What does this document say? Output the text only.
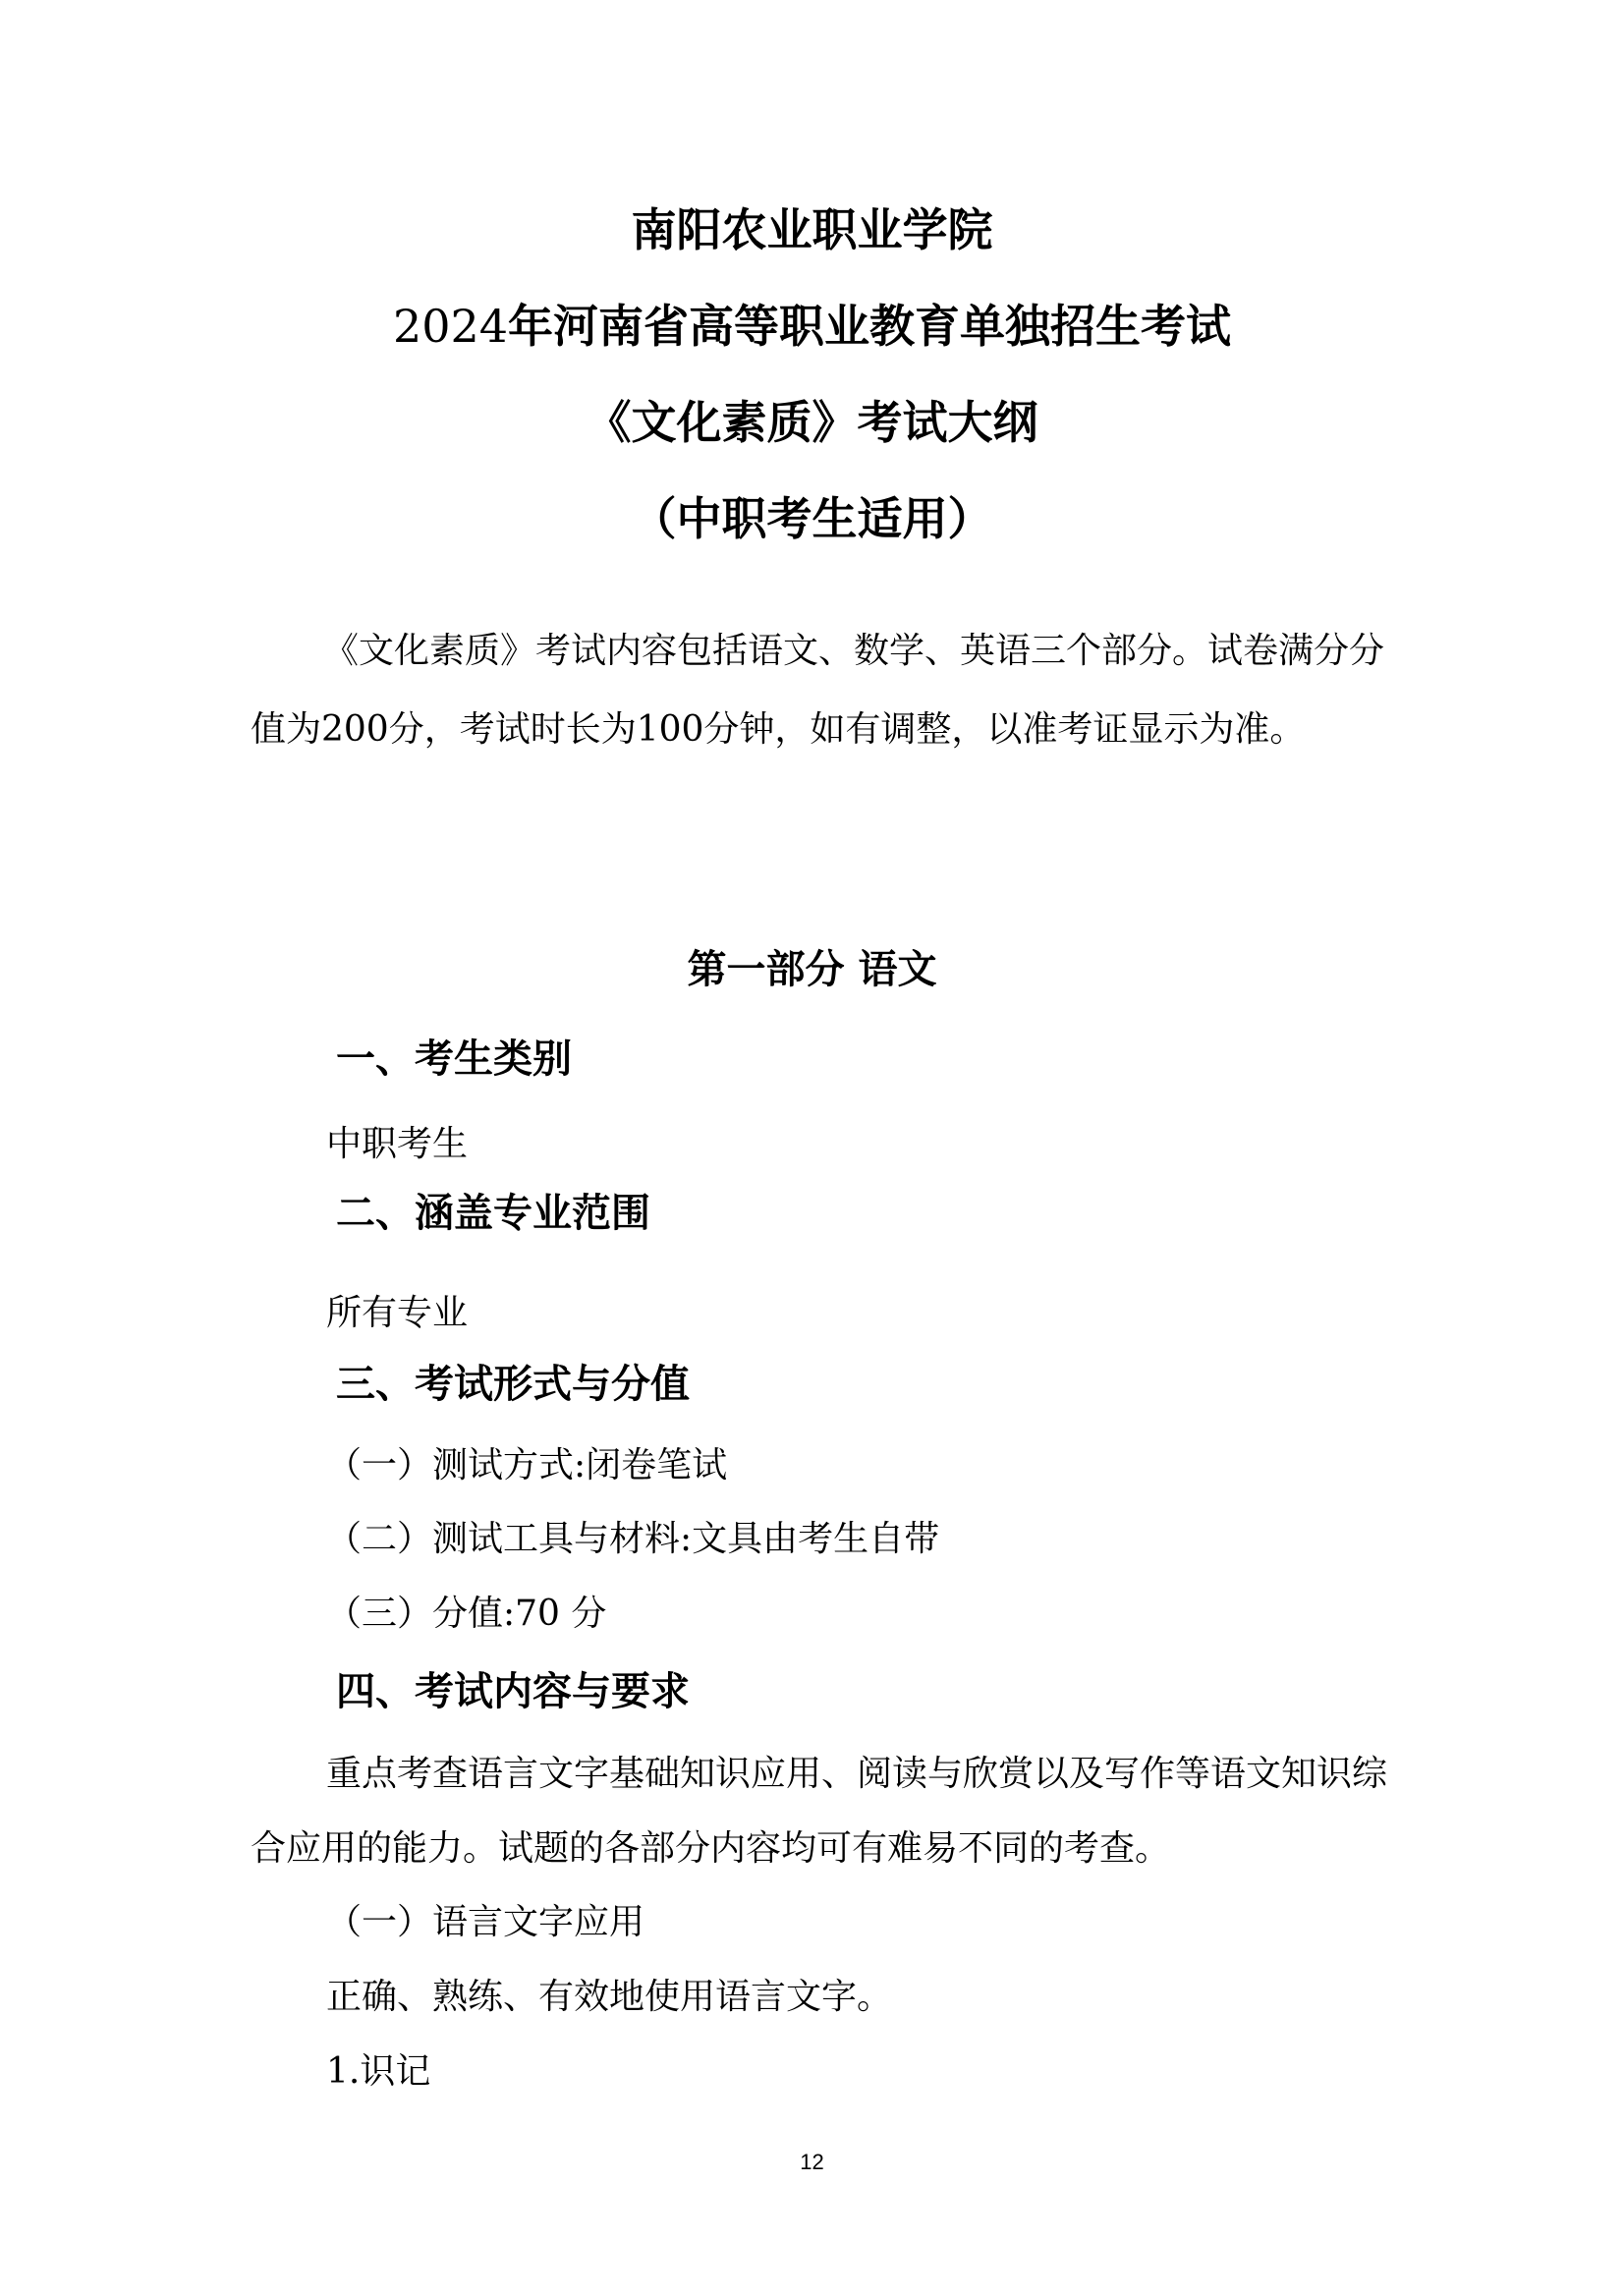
南阳农业职业学院
2024年河南省高等职业教育单独招生考试
《文化素质》考试大纲
（中职考生适用）

《文化素质》考试内容包括语文、数学、英语三个部分。试卷满分分值为200分，考试时长为100分钟，如有调整，以准考证显示为准。

第一部分 语文
一、考生类别

中职考生

二、涵盖专业范围

所有专业

三、考试形式与分值

（一）测试方式:闭卷笔试

（二）测试工具与材料:文具由考生自带

（三）分值:70 分

四、考试内容与要求

重点考查语言文字基础知识应用、阅读与欣赏以及写作等语文知识综合应用的能力。试题的各部分内容均可有难易不同的考查。

（一）语言文字应用

正确、熟练、有效地使用语言文字。

1.识记

12
